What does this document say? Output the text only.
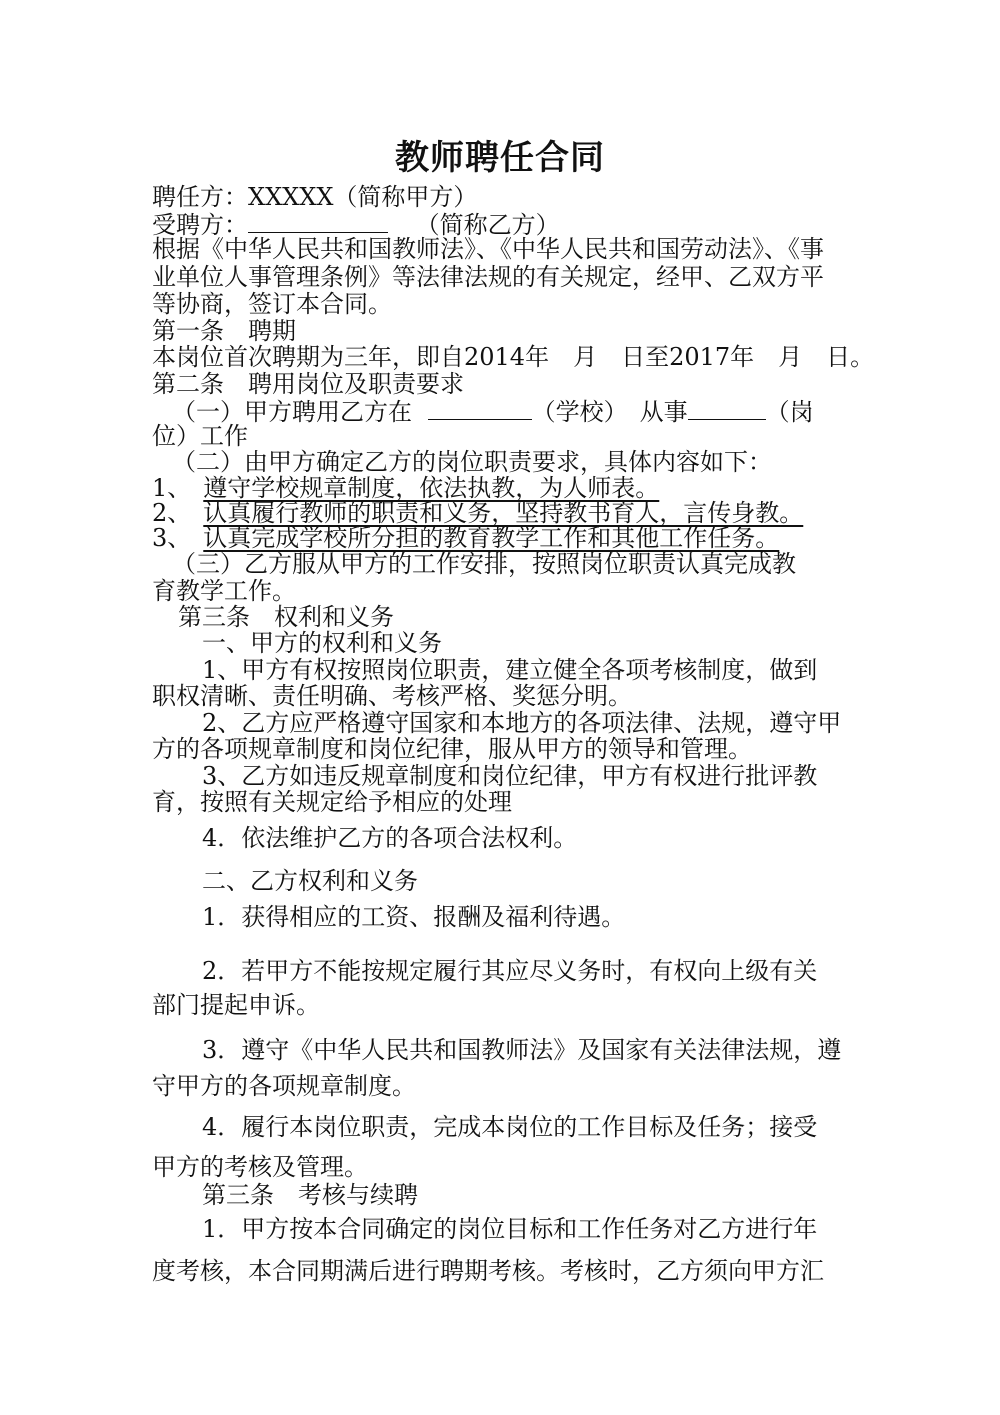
教师聘任合同
聘任方：XXXXX（简称甲方）
受聘方：	（简称乙方）
根据《中华人民共和国教师法》、《中华人民共和国劳动法》、《事
业单位人事管理条例》等法律法规的有关规定，经甲、乙双方平
等协商，签订本合同。
第一条　聘期
本岗位首次聘期为三年，即自2014年　月　日至2017年　月　日。
第二条　聘用岗位及职责要求
（一）甲方聘用乙方在	（学校）　从事	（岗
位）工作
（二）由甲方确定乙方的岗位职责要求，具体内容如下：
1、 遵守学校规章制度，依法执教，为人师表。
2、 认真履行教师的职责和义务，坚持教书育人，言传身教。
3、 认真完成学校所分担的教育教学工作和其他工作任务。
（三）乙方服从甲方的工作安排，按照岗位职责认真完成教
育教学工作。
第三条　权利和义务
一、甲方的权利和义务
1、甲方有权按照岗位职责，建立健全各项考核制度，做到
职权清晰、责任明确、考核严格、奖惩分明。
2、乙方应严格遵守国家和本地方的各项法律、法规，遵守甲
方的各项规章制度和岗位纪律，服从甲方的领导和管理。
3、乙方如违反规章制度和岗位纪律，甲方有权进行批评教
育，按照有关规定给予相应的处理
4．依法维护乙方的各项合法权利。
二、乙方权利和义务
1．获得相应的工资、报酬及福利待遇。
2．若甲方不能按规定履行其应尽义务时，有权向上级有关
部门提起申诉。
3．遵守《中华人民共和国教师法》及国家有关法律法规，遵
守甲方的各项规章制度。
4．履行本岗位职责，完成本岗位的工作目标及任务；接受
甲方的考核及管理。
第三条　考核与续聘
1．甲方按本合同确定的岗位目标和工作任务对乙方进行年
度考核，本合同期满后进行聘期考核。考核时，乙方须向甲方汇
